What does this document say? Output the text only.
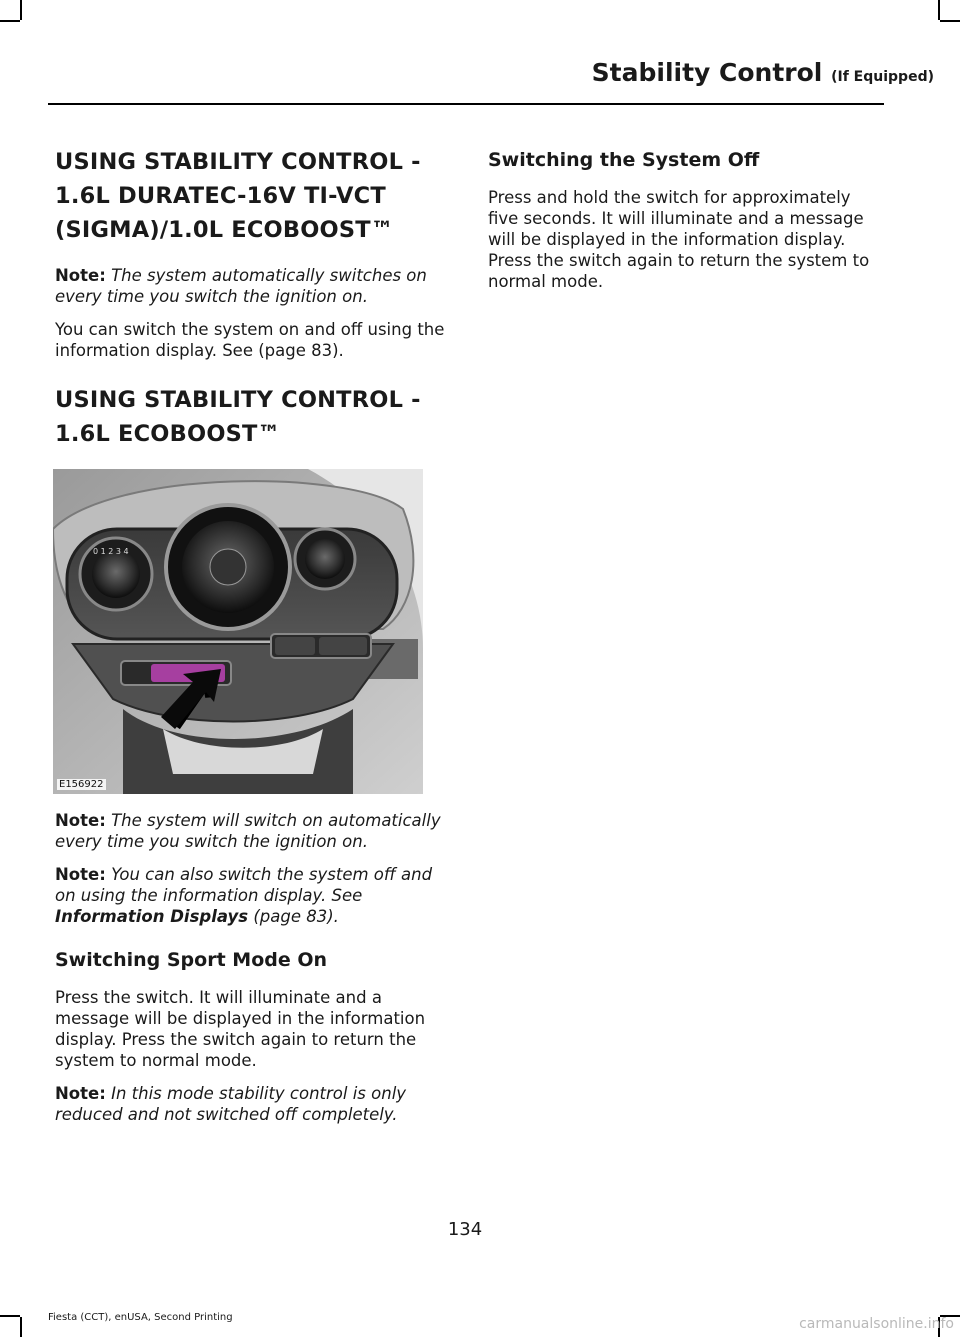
Stability Control (If Equipped)
USING STABILITY CONTROL - 1.6L DURATEC-16V TI-VCT (SIGMA)/1.0L ECOBOOST™

Note: The system automatically switches on every time you switch the ignition on.

You can switch the system on and off using the information display. See (page 83).

USING STABILITY CONTROL - 1.6L ECOBOOST™
0 1 2 3 4
E156922

Note: The system will switch on automatically every time you switch the ignition on.

Note: You can also switch the system off and on using the information display. See Information Displays (page 83).

Switching Sport Mode On

Press the switch. It will illuminate and a message will be displayed in the information display. Press the switch again to return the system to normal mode.

Note: In this mode stability control is only reduced and not switched off completely.

Switching the System Off

Press and hold the switch for approximately five seconds. It will illuminate and a message will be displayed in the information display. Press the switch again to return the system to normal mode.

134
Fiesta (CCT), enUSA, Second Printing	carmanualsonline.info
